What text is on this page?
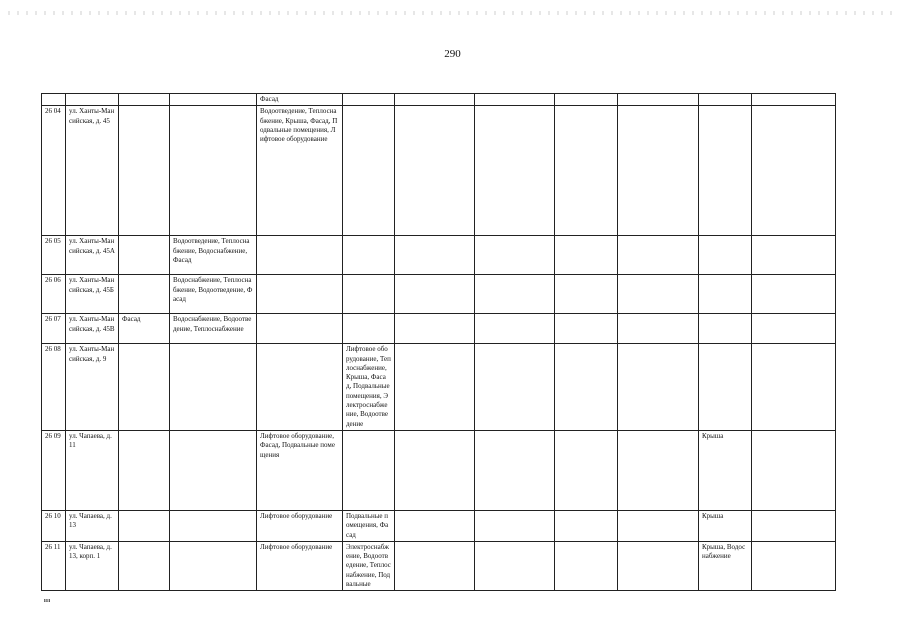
290
				Фасад							
26 04	ул. Ханты-Мансийская, д. 45			Водоотведение, Теплоснабжение, Крыша, Фасад, Подвальные помещения, Лифтовое оборудование							
26 05	ул. Ханты-Мансийская, д. 45А		Водоотведение, Теплоснабжение, Водоснабжение, Фасад								
26 06	ул. Ханты-Мансийская, д. 45Б		Водоснабжение, Теплоснабжение, Водоотведение, Фасад								
26 07	ул. Ханты-Мансийская, д. 45В	Фасад	Водоснабжение, Водоотведение, Теплоснабжение								
26 08	ул. Ханты-Мансийская, д. 9				Лифтовое оборудование, Теплоснабжение, Крыша, Фасад, Подвальные помещения, Электроснабжение, Водоотведение						
26 09	ул. Чапаева, д. 11			Лифтовое оборудование, Фасад, Подвальные помещения						Крыша	
26 10	ул. Чапаева, д. 13			Лифтовое оборудование	Подвальные помещения, Фасад					Крыша	
26 11	ул. Чапаева, д. 13, корп. 1			Лифтовое оборудование	Электроснабжение, Водоотведение, Теплоснабжение, Подвальные					Крыша, Водоснабжение	
ııı
